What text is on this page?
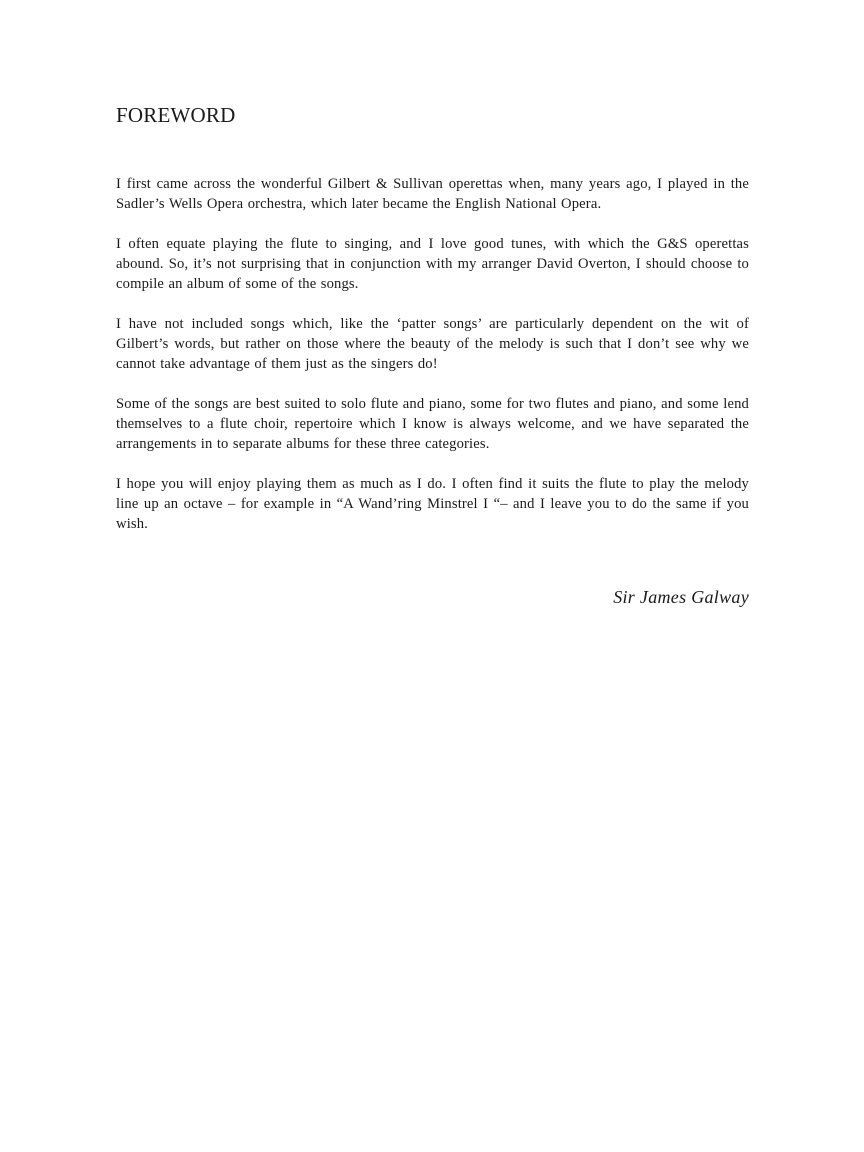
FOREWORD

I first came across the wonderful Gilbert & Sullivan operettas when, many years ago, I played in the Sadler’s Wells Opera orchestra, which later became the English National Opera.

I often equate playing the flute to singing, and I love good tunes, with which the G&S operettas abound. So, it’s not surprising that in conjunction with my arranger David Overton, I should choose to compile an album of some of the songs.

I have not included songs which, like the ‘patter songs’ are particularly dependent on the wit of Gilbert’s words, but rather on those where the beauty of the melody is such that I don’t see why we cannot take advantage of them just as the singers do!

Some of the songs are best suited to solo flute and piano, some for two flutes and piano, and some lend themselves to a flute choir, repertoire which I know is always welcome, and we have separated the arrangements in to separate albums for these three categories.

I hope you will enjoy playing them as much as I do. I often find it suits the flute to play the melody line up an octave – for example in “A Wand’ring Minstrel I “– and I leave you to do the same if you wish.

Sir James Galway
